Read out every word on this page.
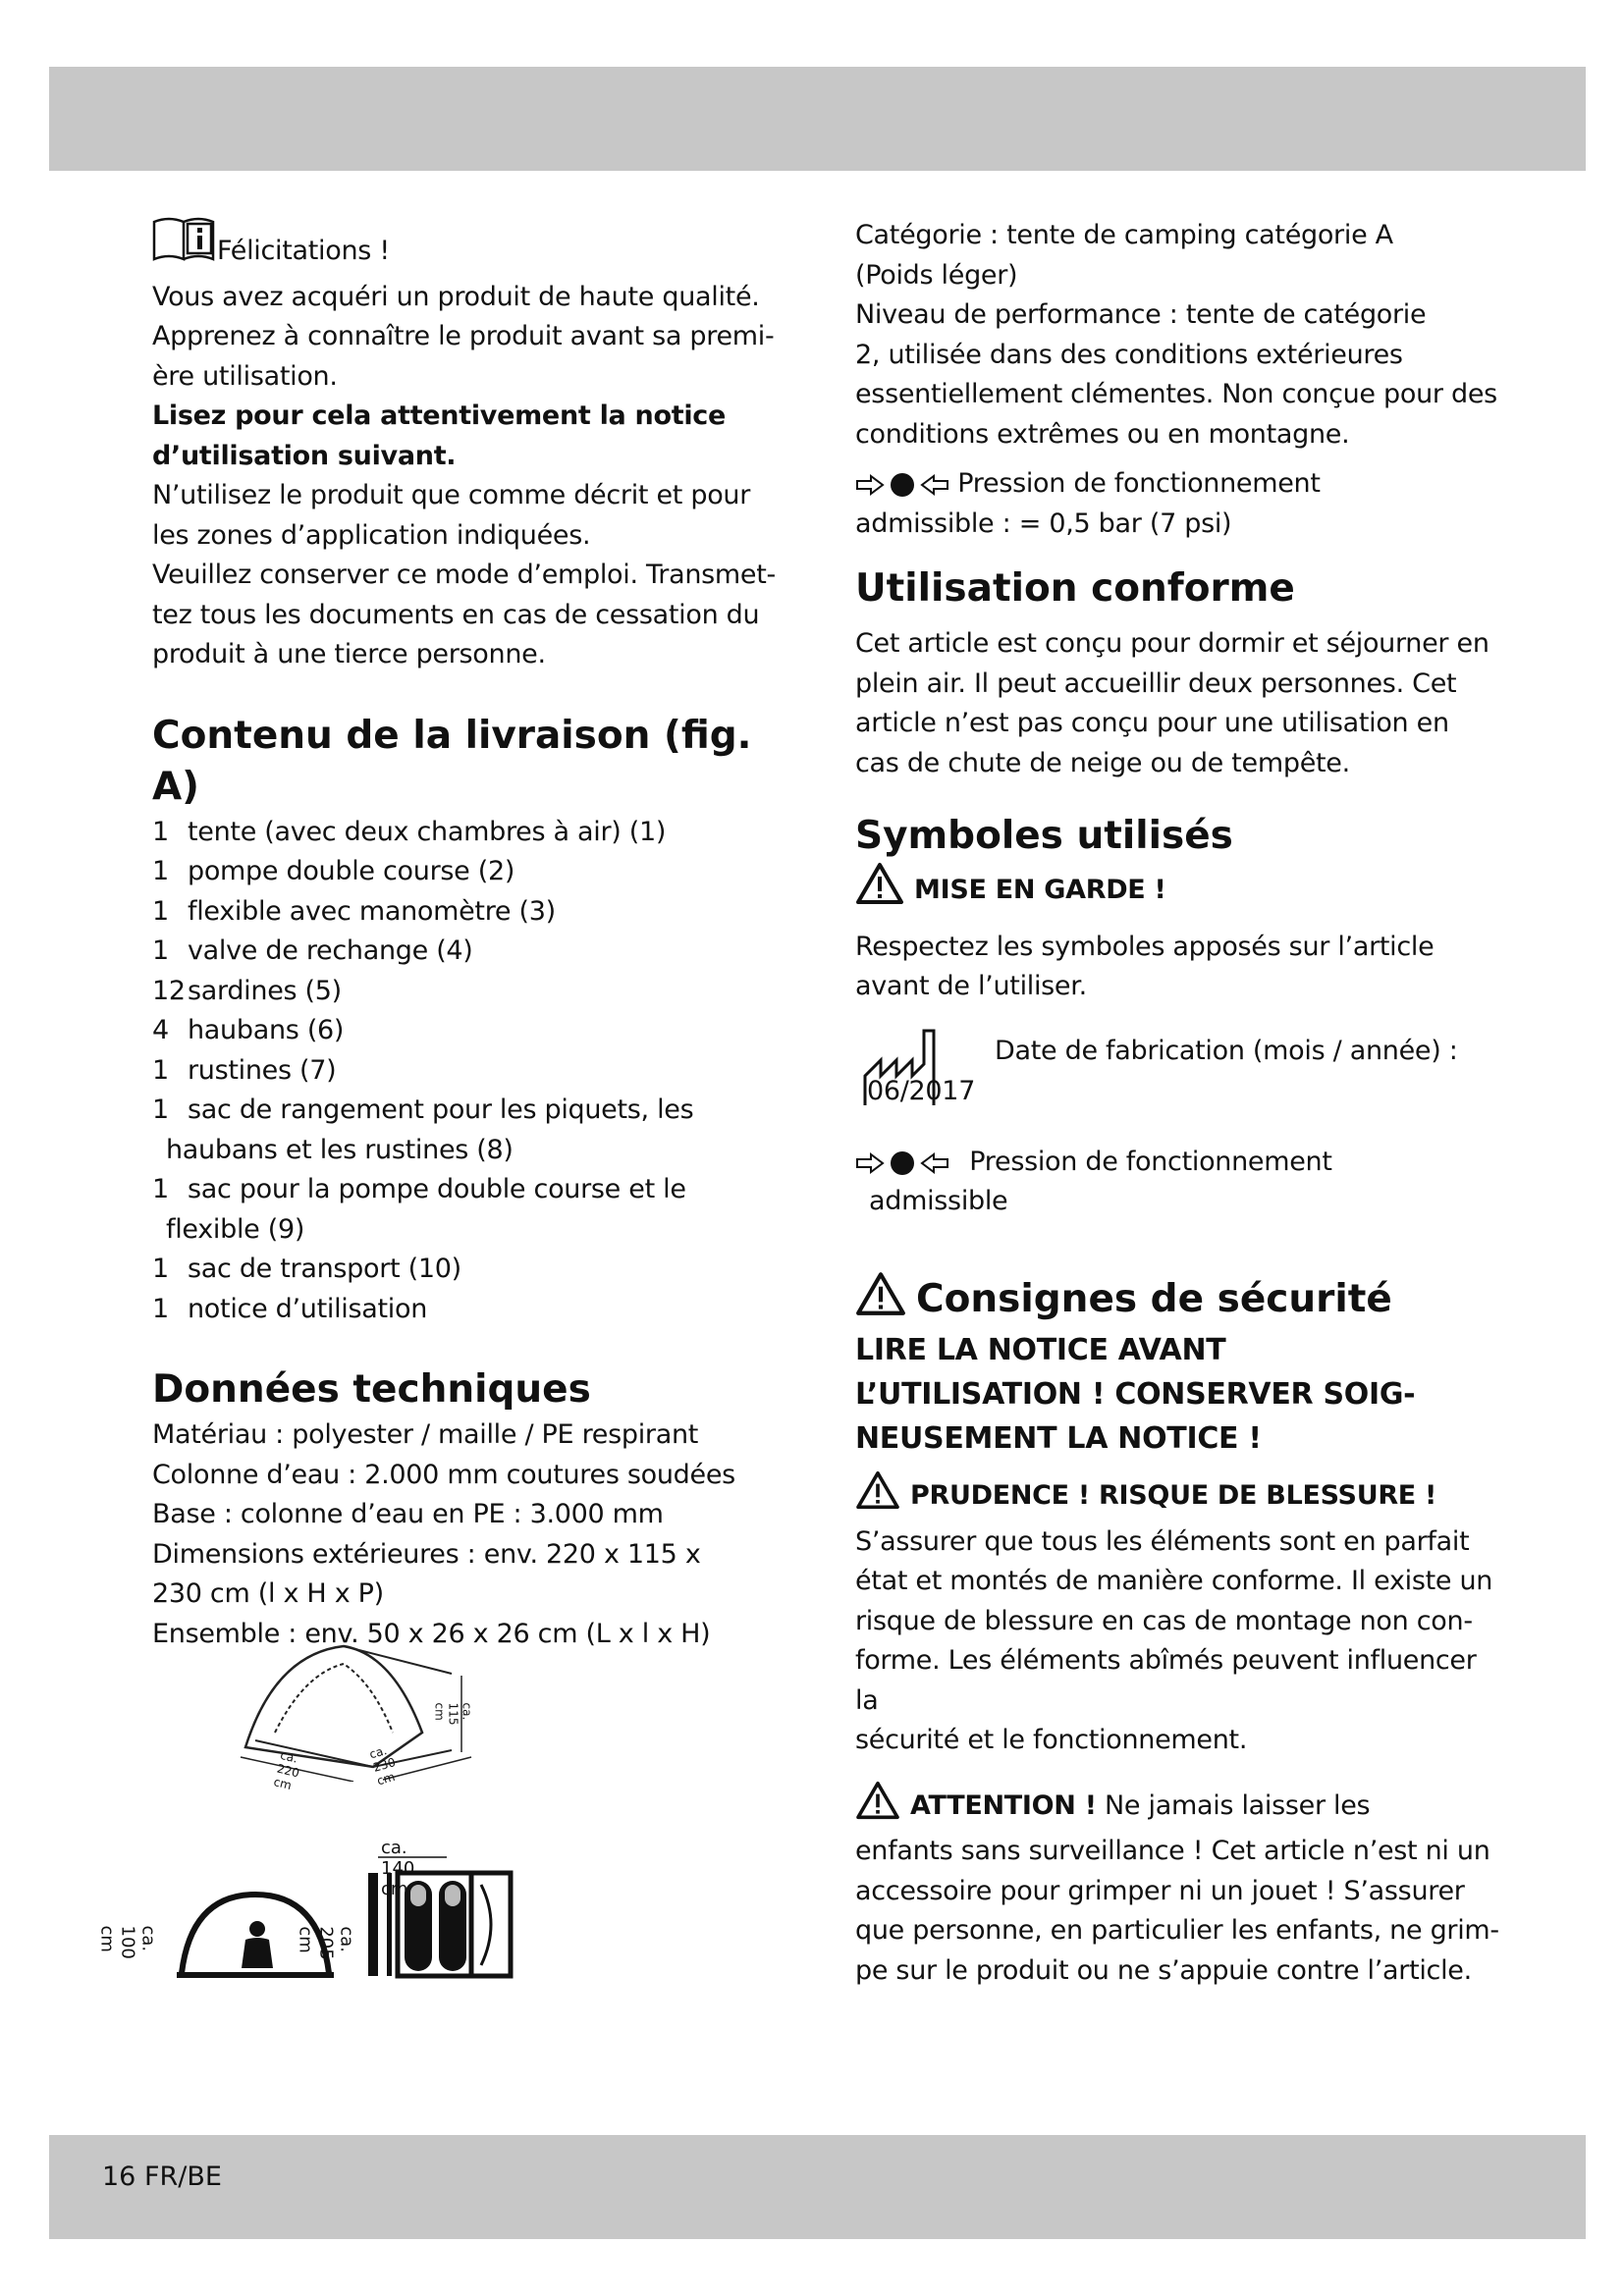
Félicitations !

Vous avez acquéri un produit de haute qualité.

Apprenez à connaître le produit avant sa premi-

ère utilisation.

Lisez pour cela attentivement la notice

d’utilisation suivant.

N’utilisez le produit que comme décrit et pour

les zones d’application indiquées.

Veuillez conserver ce mode d’emploi. Transmet-

tez tous les documents en cas de cessation du

produit à une tierce personne.

Contenu de la livraison (fig. A)
1 tente (avec deux chambres à air) (1)
1 pompe double course (2)
1 flexible avec manomètre (3)
1 valve de rechange (4)
12 sardines (5)
4 haubans (6)
1 rustines (7)
1 sac de rangement pour les piquets, les

haubans et les rustines (8)

1 sac pour la pompe double course et le

flexible (9)

1 sac de transport (10)
1 notice d’utilisation
Données techniques

Matériau : polyester / maille / PE respirant

Colonne d’eau : 2.000 mm coutures soudées

Base : colonne d’eau en PE : 3.000 mm

Dimensions extérieures : env. 220 x 115 x

230 cm (l x H x P)

Ensemble : env. 50 x 26 x 26 cm (L x l x H)

ca. 220 cm
ca. 230 cm
ca. 115 cm
ca. 140 cm
ca. 205 cm
ca. 100 cm

Catégorie : tente de camping catégorie A

(Poids léger)

Niveau de performance : tente de catégorie

2, utilisée dans des conditions extérieures

essentiellement clémentes. Non conçue pour des

conditions extrêmes ou en montagne.

Pression de fonctionnement

admissible : = 0,5 bar (7 psi)

Utilisation conforme

Cet article est conçu pour dormir et séjourner en

plein air. Il peut accueillir deux personnes. Cet

article n’est pas conçu pour une utilisation en

cas de chute de neige ou de tempête.

Symboles utilisés
MISE EN GARDE !

Respectez les symboles apposés sur l’article

avant de l’utiliser.

Date de fabrication (mois / année) :
06/2017

Pression de fonctionnement

admissible

Consignes de sécurité

LIRE LA NOTICE AVANT

L’UTILISATION ! CONSERVER SOIG-

NEUSEMENT LA NOTICE !

PRUDENCE ! RISQUE DE BLESSURE !

S’assurer que tous les éléments sont en parfait

état et montés de manière conforme. Il existe un

risque de blessure en cas de montage non con-

forme. Les éléments abîmés peuvent influencer la

sécurité et le fonctionnement.

ATTENTION ! Ne jamais laisser les

enfants sans surveillance ! Cet article n’est ni un

accessoire pour grimper ni un jouet ! S’assurer

que personne, en particulier les enfants, ne grim-

pe sur le produit ou ne s’appuie contre l’article.

16 FR/BE
